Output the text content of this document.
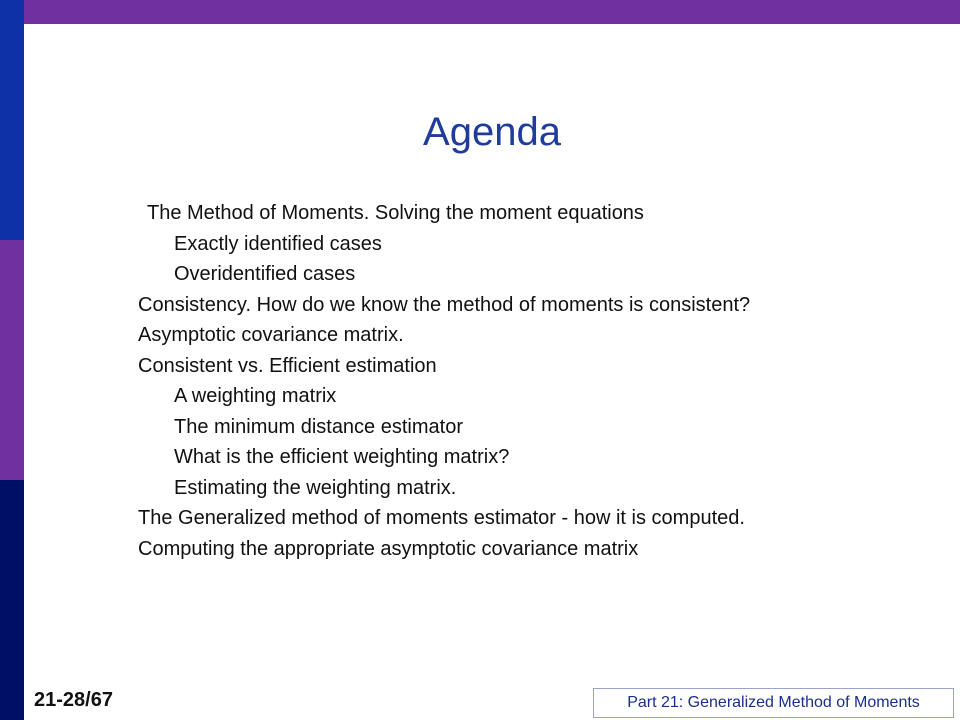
Agenda
The Method of Moments. Solving the moment equations
Exactly identified cases
Overidentified cases
Consistency. How do we know the method of moments is consistent?
Asymptotic covariance matrix.
Consistent vs. Efficient estimation
A weighting matrix
The minimum distance estimator
What is the efficient weighting matrix?
Estimating the weighting matrix.
The Generalized method of moments estimator - how it is computed.
Computing the appropriate asymptotic covariance matrix
21-28/67	Part 21: Generalized Method of Moments
